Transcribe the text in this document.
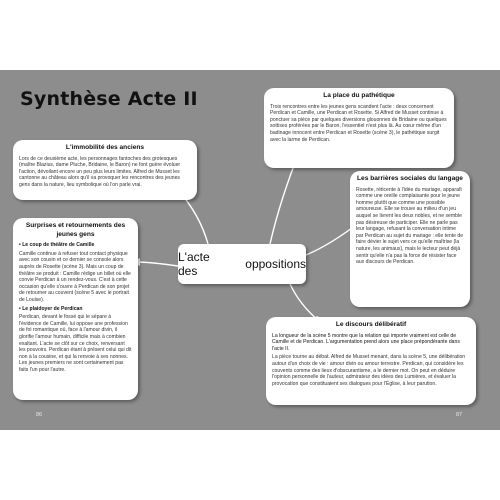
Synthèse Acte II
L'acte des	oppositions
La place du pathétique

Trois rencontres entre les jeunes gens scandent l'acte : deux concernent Perdican et Camille, une Perdican et Rosette. Si Alfred de Musset continue à ponctuer sa pièce par quelques diversions glouonnes de Bridaine ou quelques sottises proférées par le Baron, l'essentiel n'est plus là. Au cœur même d'un badinage innocent entre Perdican et Rosette (scène 3), le pathétique surgit avec la larme de Perdican.

L'immobilité des anciens

Lors de ce deuxième acte, les personnages fantoches des grotesques (maître Blazius, dame Pluche, Bridaine, le Baron) ne font guère évoluer l'action, dévoilant encore un peu plus leurs limites. Alfred de Musset les cantonne au château alors qu'il va provoquer les rencontres des jeunes gens dans la nature, lieu symbolique où l'on parle vrai.

Surprises et retournements des jeunes gens

• Le coup de théâtre de Camille

Camille continue à refuser tout contact physique avec son cousin et ce dernier se console alors auprès de Rosette (scène 3). Mais un coup de théâtre se produit : Camille rédige un billet où elle convie Perdican à un rendez-vous. C'est à cette occasion qu'elle s'ouvre à Perdican de son projet de retourner au couvent (scène 5 avec le portrait de Louise).

• Le plaidoyer de Perdican

Perdican, devant le fossé qui le sépare à l'évidence de Camille, lui oppose une profession de foi romantique où, face à l'amour divin, il glorifie l'amour humain, difficile mais à combien exaltant. L'acte se clôt sur ce choix, renversant les pouvoirs. Perdican étant à présent celui qui dit non à la cousine, et qui la renvoie à ses nonnes. Les jeunes premiers ne sont certainement pas faits l'un pour l'autre.

Les barrières sociales du langage

Rosette, réticente à l'idée du mariage, apparaît comme une oreille complaisante pour le jeune homme plutôt que comme une possible amoureuse. Elle se trouve au milieu d'un jeu auquel se livrent les deux nobles, et ne semble pas désireuse de participer. Elle ne parle pas leur langage, refusant la conversation intime par Perdican au sujet du mariage : elle tente de faire dévier le sujet vers ce qu'elle maîtrise (la nature, les animaux), mais le lecteur peut déjà sentir qu'elle n'a pas la force de résister face aux discours de Perdican.

Le discours délibératif

La longueur de la scène 5 montre que la relation qui importe vraiment est celle de Camille et de Perdican. L'argumentation prend alors une place prépondérante dans l'acte II.

La pièce tourne au débat. Alfred de Musset menant, dans la scène 5, une délibération autour d'un choix de vie : amour divin ou amour terrestre. Perdican, qui considère les couvents comme des lieux d'obscurantisme, a le dernier mot. On peut en déduire l'opinion personnelle de l'auteur, admirateur des idées des Lumières, et évaluer la provocation que constituaient ses dialogues pour l'Église, à leur parution.

86	87
